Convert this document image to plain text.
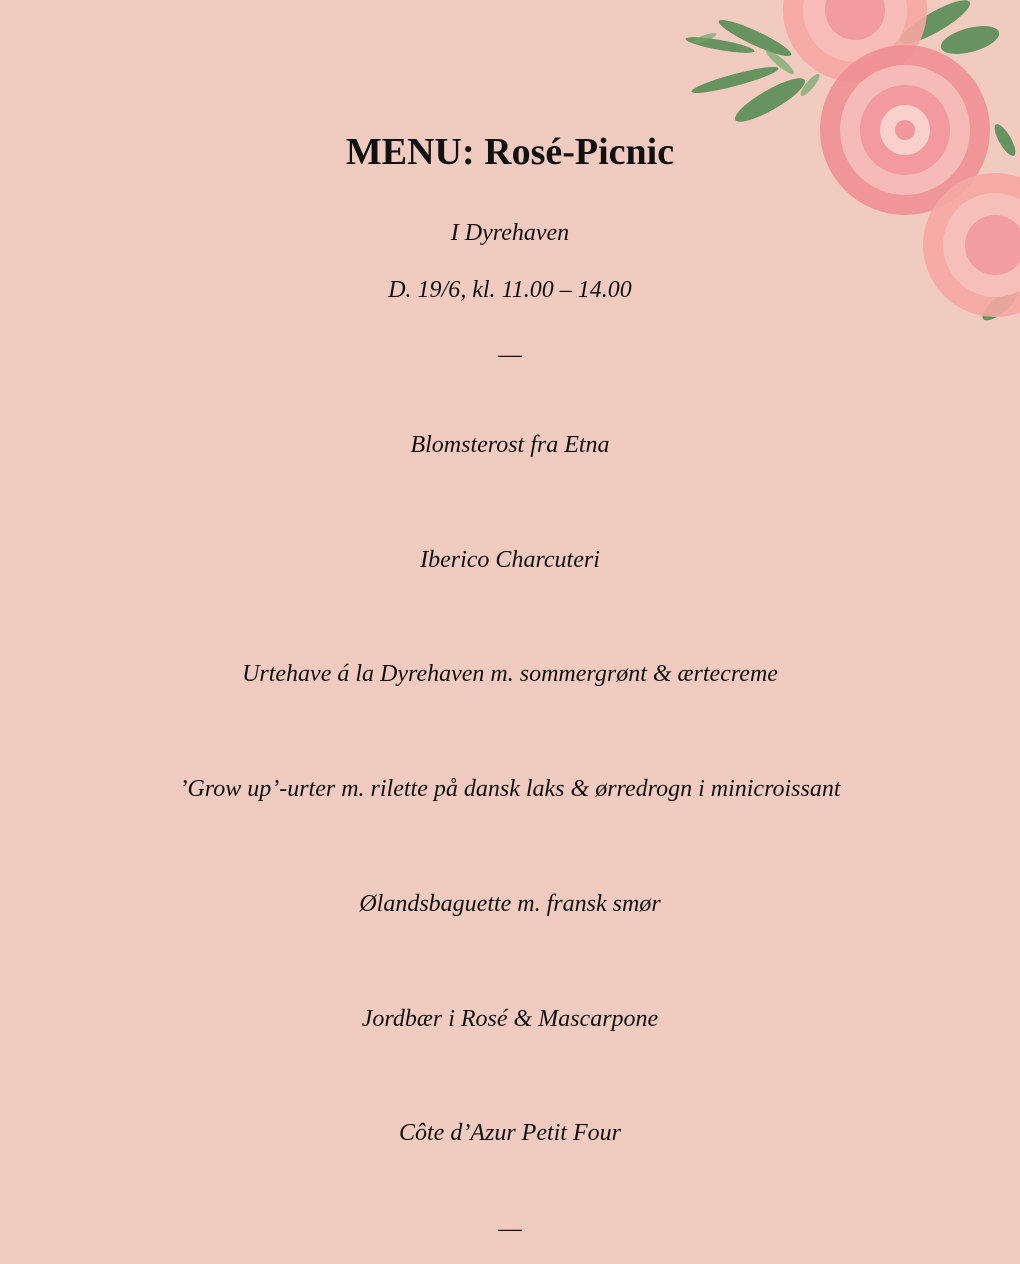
MENU: Rosé-Picnic

I Dyrehaven

D. 19/6, kl. 11.00 – 14.00

—

Blomsterost fra Etna

Iberico Charcuteri

Urtehave á la Dyrehaven m. sommergrønt & ærtecreme

’Grow up’-urter m. rilette på dansk laks & ørredrogn i minicroissant

Ølandsbaguette m. fransk smør

Jordbær i Rosé & Mascarpone

Côte d’Azur Petit Four

—
